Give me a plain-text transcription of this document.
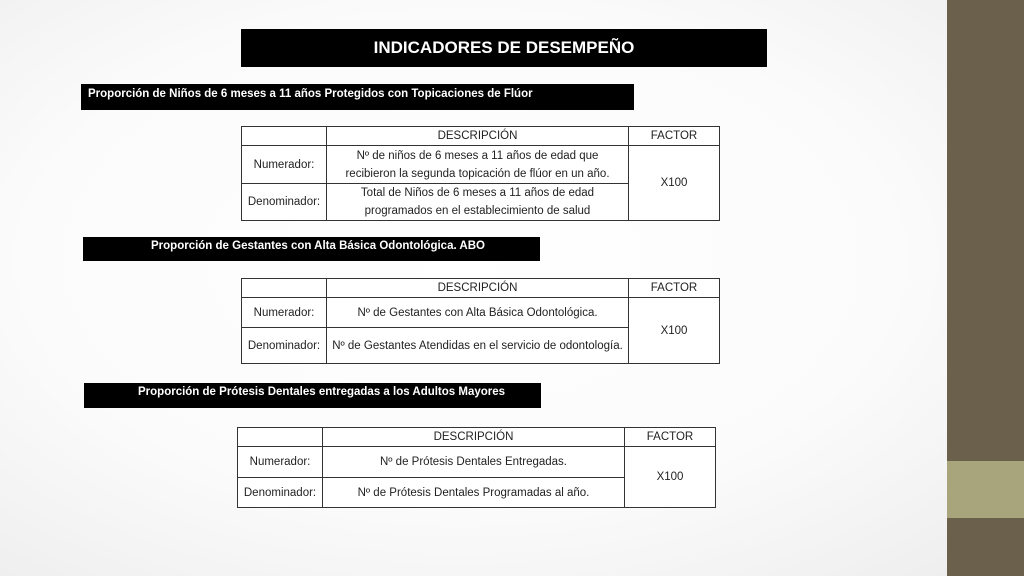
INDICADORES DE DESEMPEÑO
Proporción de Niños de 6 meses a 11 años Protegidos con Topicaciones de Flúor
	DESCRIPCIÓN	FACTOR
Numerador:	Nº de niños de 6 meses a 11 años de edad que recibieron la segunda topicación de flúor en un año.	X100
Denominador:	Total de Niños de 6 meses a 11 años de edad programados en el establecimiento de salud	
Proporción de Gestantes con Alta Básica Odontológica. ABO
	DESCRIPCIÓN	FACTOR
Numerador:	Nº de Gestantes con Alta Básica Odontológica.	X100
Denominador:	Nº de Gestantes Atendidas en el servicio de odontología.	
Proporción de Prótesis Dentales entregadas a los Adultos Mayores
	DESCRIPCIÓN	FACTOR
Numerador:	Nº de Prótesis Dentales Entregadas.	X100
Denominador:	Nº de Prótesis Dentales Programadas al año.	
